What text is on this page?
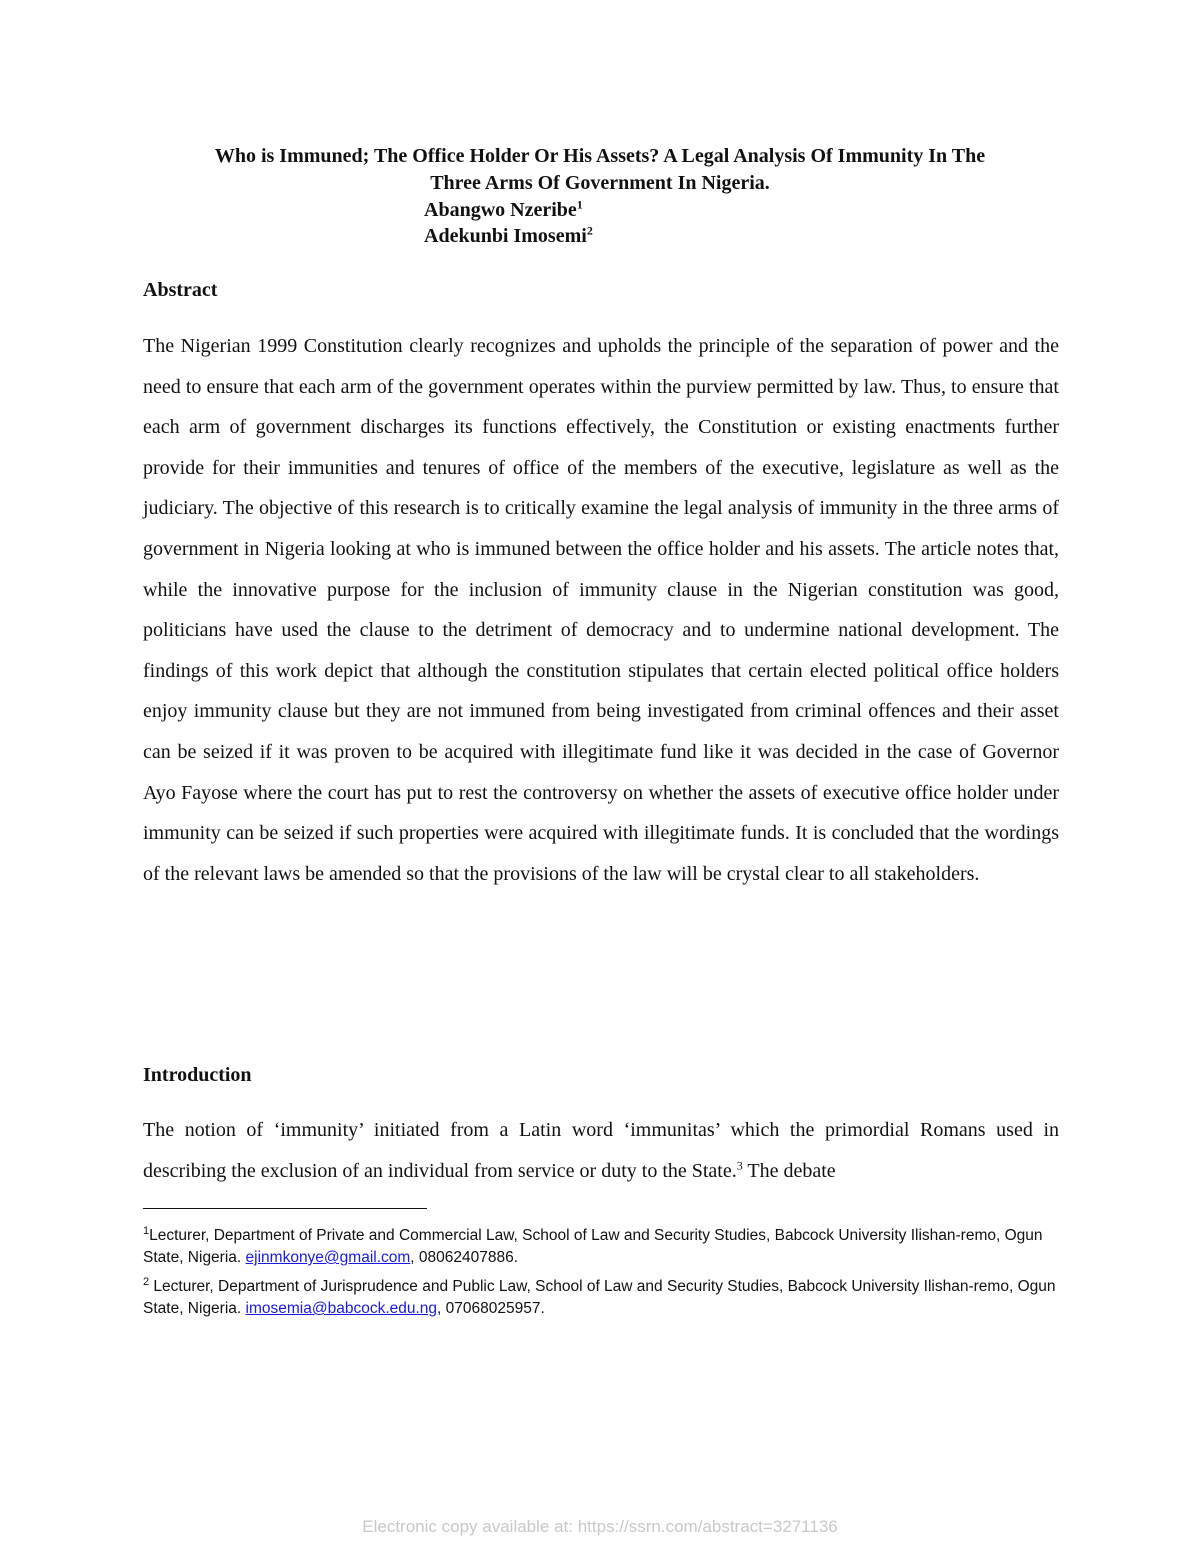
Who is Immuned; The Office Holder Or His Assets? A Legal Analysis Of Immunity In The
Three Arms Of Government In Nigeria.
Abangwo Nzeribe$^1$
Adekunbi Imosemi$^2$
Abstract
The Nigerian 1999 Constitution clearly recognizes and upholds the principle of the separation of power and the need to ensure that each arm of the government operates within the purview permitted by law. Thus, to ensure that each arm of government discharges its functions effectively, the Constitution or existing enactments further provide for their immunities and tenures of office of the members of the executive, legislature as well as the judiciary. The objective of this research is to critically examine the legal analysis of immunity in the three arms of government in Nigeria looking at who is immuned between the office holder and his assets. The article notes that, while the innovative purpose for the inclusion of immunity clause in the Nigerian constitution was good, politicians have used the clause to the detriment of democracy and to undermine national development. The findings of this work depict that although the constitution stipulates that certain elected political office holders enjoy immunity clause but they are not immuned from being investigated from criminal offences and their asset can be seized if it was proven to be acquired with illegitimate fund like it was decided in the case of Governor Ayo Fayose where the court has put to rest the controversy on whether the assets of executive office holder under immunity can be seized if such properties were acquired with illegitimate funds. It is concluded that the wordings of the relevant laws be amended so that the provisions of the law will be crystal clear to all stakeholders.
Introduction
The notion of ‘immunity’ initiated from a Latin word ‘immunitas’ which the primordial Romans used in describing the exclusion of an individual from service or duty to the State.$^3$ The debate
$^1$Lecturer, Department of Private and Commercial Law, School of Law and Security Studies, Babcock University Ilishan-remo, Ogun State, Nigeria. ejinmkonye@gmail.com, 08062407886.
$^2$ Lecturer, Department of Jurisprudence and Public Law, School of Law and Security Studies, Babcock University Ilishan-remo, Ogun State, Nigeria. imosemia@babcock.edu.ng, 07068025957.
Electronic copy available at: https://ssrn.com/abstract=3271136
